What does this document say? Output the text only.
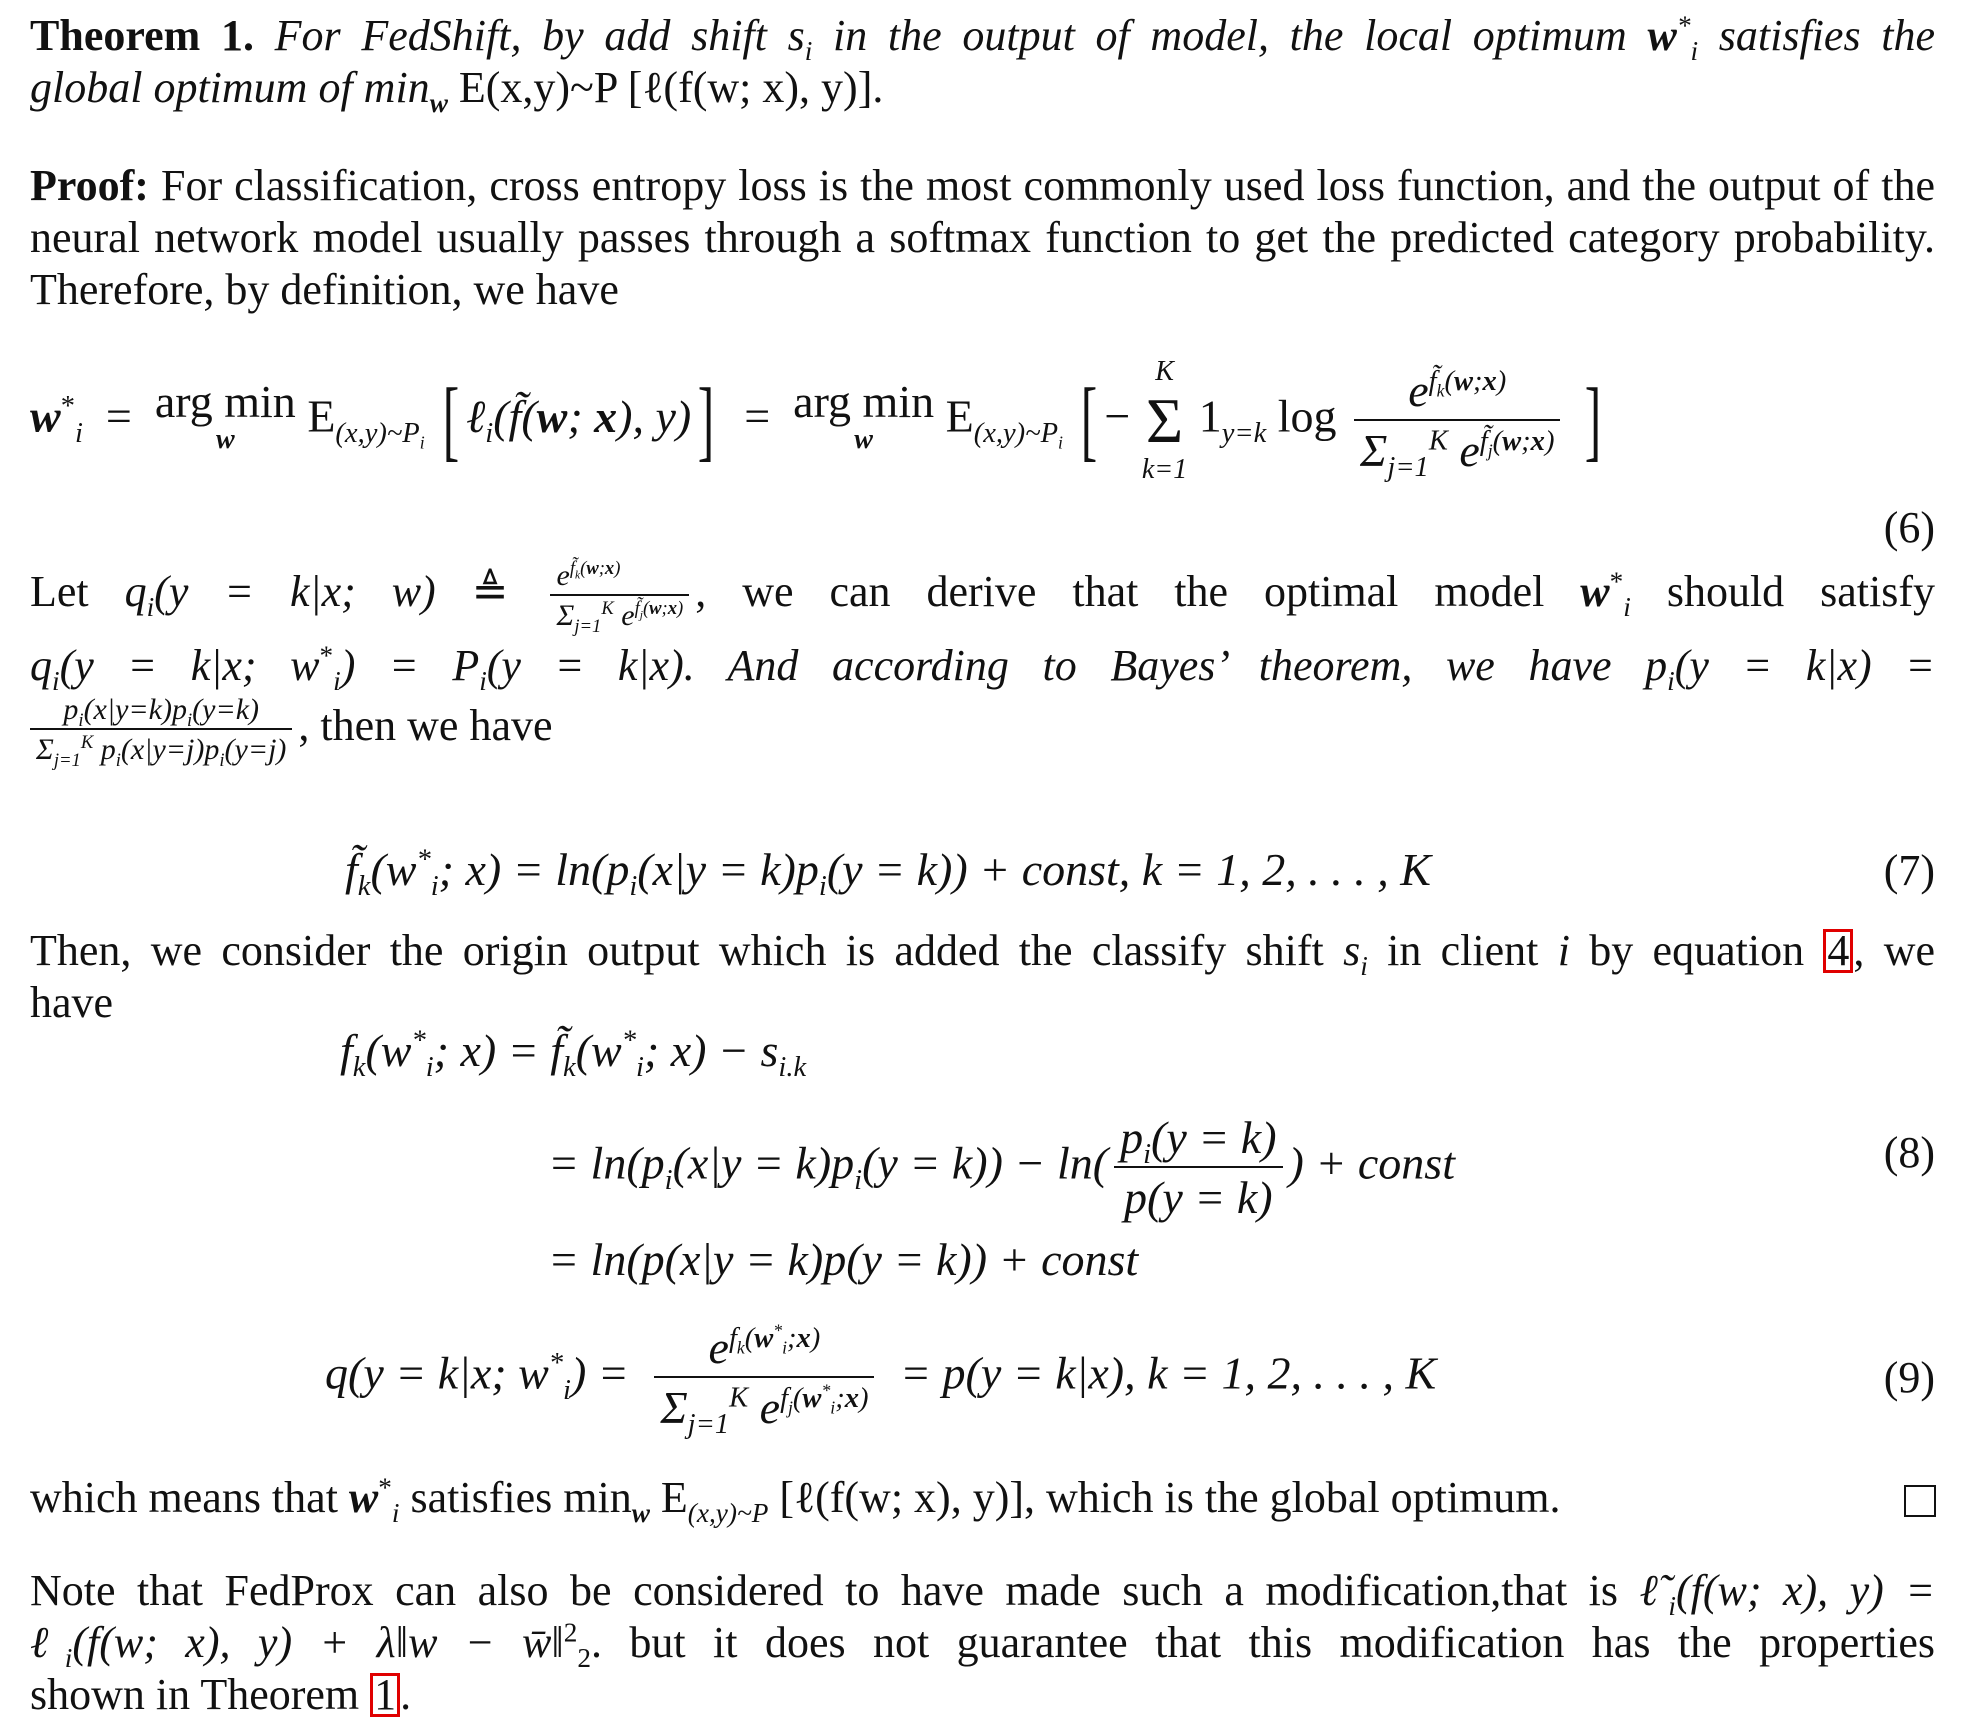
Theorem 1. For FedShift, by add shift $s_i$ in the output of model, the local optimum $w^*_i$ satisfies the
global optimum of $\min_w$ E(x,y)~P [ℓ(f(w; x), y)].
Proof: For classification, cross entropy loss is the most commonly used loss function, and the output of the neural network model usually passes through a softmax function to get the predicted category probability. Therefore, by definition, we have
$w^*_i$  =  arg min
w	$E_{(x,y)\sim P_i}$ [ ℓ$_i$(f̃(w; x), y)]  =  arg min
w	$E_{(x,y)\sim P_i}$ [ −
K
Σ
k=1
$1_{y=k}$ $\log \frac{e^{f̃_k(w;x)}}{\Sigma_{j=1}^K e^{f̃_j(w;x)}}$ ]
(6)
Let $q_i(y = k|x$; w) ≜ $\frac{e^{f̃_k(w;x)}}{\Sigma_{j=1}^K e^{f̃_j(w;x)}}$ , we can derive that the optimal model $w^*_i$ should satisfy
$q_i(y = k|x$; $w^*_i) = P_i(y = k|x)$. And according to Bayes’ theorem, we have $p_i(y = k|x)$ =
$\frac{p_i(x|y=k)p_i(y=k)}{\Sigma_{j=1}^K p_i(x|y=j)p_i(y=j)}$ , then we have
$f̃_k(w^*_i$; $x) = \ln(p_i(x|y = k)p_i(y = k))$ + const, k = 1, 2, . . . , K	(7)
Then, we consider the origin output which is added the classify shift $s_i$ in client i by equation 4, we
have
$f_k(w^*_i$; $x) = f̃_k(w^*_i$; $x) - s_{i.k}$
= $\ln(p_i(x|y = k)p_i(y = k)) - \ln( \frac{p_i(y = k)}{p(y = k)}$ ) + const	(8)
= ln(p(x|y = k)p(y = k)) + const
q(y = k|x; $w^*_i) = \frac{e^{f_k(w^*_i;x)}}{\Sigma_{j=1}^K e^{f_j(w^*_i;x)}} = p(y = k|x)$, k = 1, 2, . . . , K	(9)
which means that $w^*_i$ satisfies $\min_w E_{(x,y)\sim P}$ [ℓ(f(w; x), y)], which is the global optimum.
Note that FedProx can also be considered to have made such a modification,that is $\ell̃_i(f(w$; x), y) =
ℓ$_i$(f(w; x), y) + λ‖w − w̄‖$^2_2$. but it does not guarantee that this modification has the properties
shown in Theorem 1.
